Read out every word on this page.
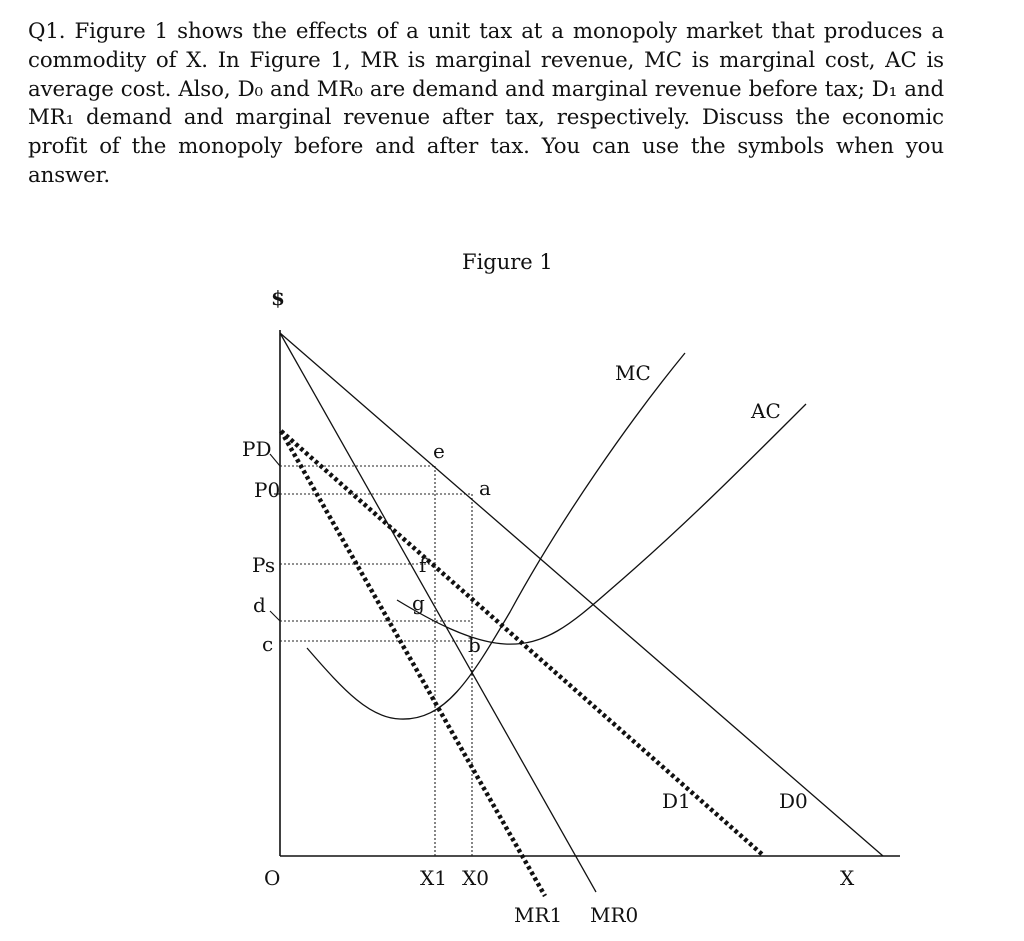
Q1. Figure 1 shows the effects of a unit tax at a monopoly market that produces a commodity of X. In Figure 1, MR is marginal revenue, MC is marginal cost, AC is average cost. Also, D₀ and MR₀ are demand and marginal revenue before tax; D₁ and MR₁ demand and marginal revenue after tax, respectively. Discuss the economic profit of the monopoly before and after tax. You can use the symbols when you answer.

Figure 1
$
X
O
PD
P0
Ps
d
c
X1 X0
e
a
f
g
b
MC
AC
D1	D0
MR1 MR0
